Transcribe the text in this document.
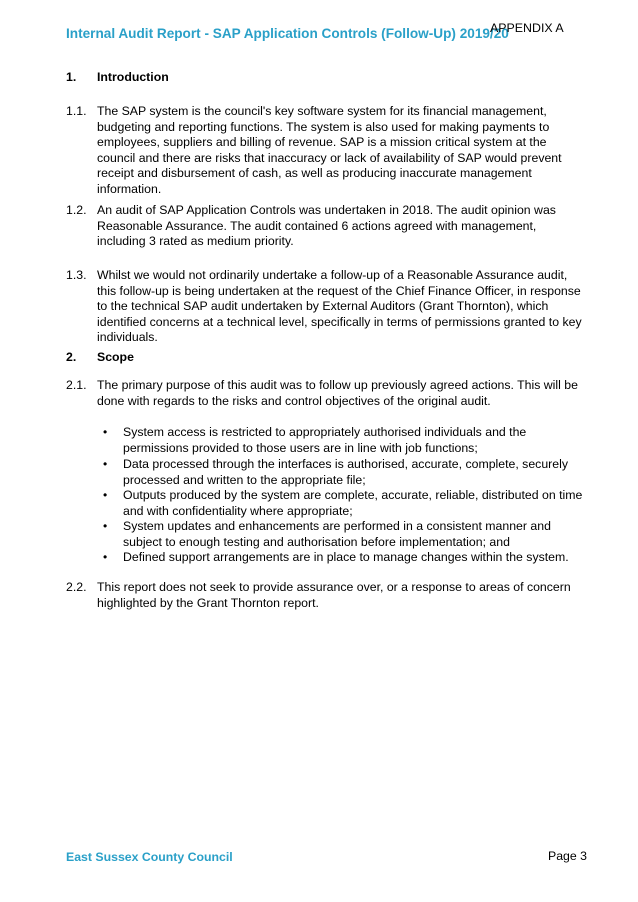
Internal Audit Report - SAP Application Controls (Follow-Up) 2019/20
APPENDIX A
1. Introduction
1.1. The SAP system is the council's key software system for its financial management, budgeting and reporting functions. The system is also used for making payments to employees, suppliers and billing of revenue. SAP is a mission critical system at the council and there are risks that inaccuracy or lack of availability of SAP would prevent receipt and disbursement of cash, as well as producing inaccurate management information.
1.2. An audit of SAP Application Controls was undertaken in 2018. The audit opinion was Reasonable Assurance. The audit contained 6 actions agreed with management, including 3 rated as medium priority.
1.3. Whilst we would not ordinarily undertake a follow-up of a Reasonable Assurance audit, this follow-up is being undertaken at the request of the Chief Finance Officer, in response to the technical SAP audit undertaken by External Auditors (Grant Thornton), which identified concerns at a technical level, specifically in terms of permissions granted to key individuals.
2. Scope
2.1. The primary purpose of this audit was to follow up previously agreed actions. This will be done with regards to the risks and control objectives of the original audit.
• System access is restricted to appropriately authorised individuals and the permissions provided to those users are in line with job functions;
• Data processed through the interfaces is authorised, accurate, complete, securely processed and written to the appropriate file;
• Outputs produced by the system are complete, accurate, reliable, distributed on time and with confidentiality where appropriate;
• System updates and enhancements are performed in a consistent manner and subject to enough testing and authorisation before implementation; and
• Defined support arrangements are in place to manage changes within the system.
2.2. This report does not seek to provide assurance over, or a response to areas of concern highlighted by the Grant Thornton report.
East Sussex County Council	Page 3
